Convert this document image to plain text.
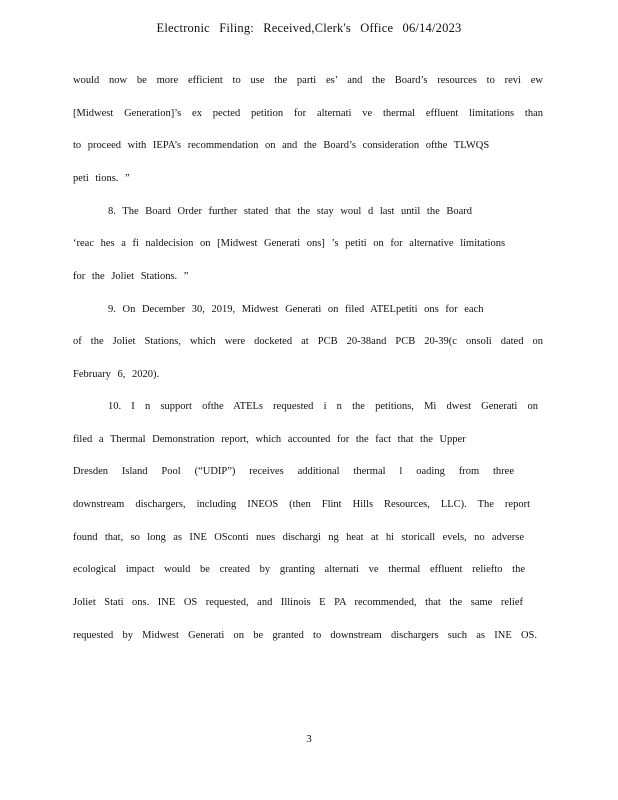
Electronic Filing: Received,Clerk's Office 06/14/2023
would now be more efficient to use the parti es’ and the Board’s resources to revi ew
[Midwest Generation]’s ex pected petition for alternati ve thermal effluent limitations than
to proceed with IEPA’s recommendation on and the Board’s consideration ofthe TLWQS
peti tions. ”
8. The Board Order further stated that the stay woul d last until the Board
‘reac hes a fi naldecision on [Midwest Generati ons] ’s petiti on for alternative limitations
for the Joliet Stations. ”
9. On December 30, 2019, Midwest Generati on filed ATELpetiti ons for each
of the Joliet Stations, which were docketed at PCB 20-38and PCB 20-39(c onsoli dated on
February 6, 2020).
10. I n support ofthe ATELs requested i n the petitions, Mi dwest Generati on
filed a Thermal Demonstration report, which accounted for the fact that the Upper
Dresden Island Pool (“UDIP”) receives additional thermal l oading from three
downstream dischargers, including INEOS (then Flint Hills Resources, LLC). The report
found that, so long as INE OSconti nues dischargi ng heat at hi storicall evels, no adverse
ecological impact would be created by granting alternati ve thermal effluent reliefto the
Joliet Stati ons. INE OS requested, and Illinois E PA recommended, that the same relief
requested by Midwest Generati on be granted to downstream dischargers such as INE OS.
3
